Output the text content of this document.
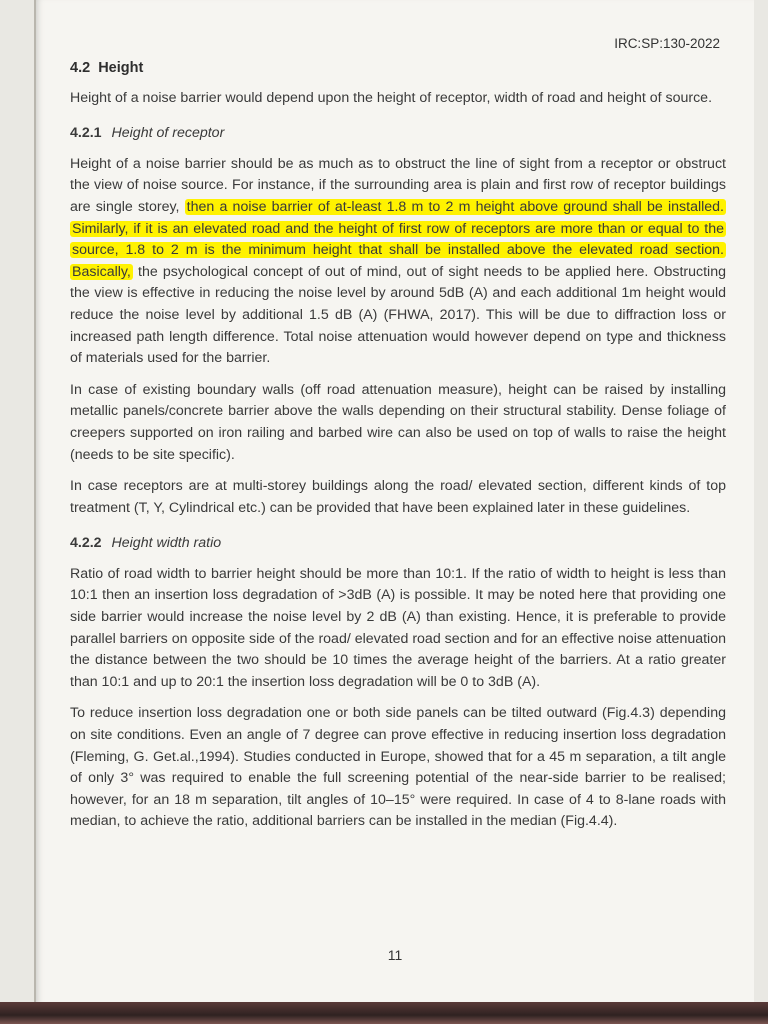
IRC:SP:130-2022
4.2 Height

Height of a noise barrier would depend upon the height of receptor, width of road and height of source.

4.2.1 Height of receptor

Height of a noise barrier should be as much as to obstruct the line of sight from a receptor or obstruct the view of noise source. For instance, if the surrounding area is plain and first row of receptor buildings are single storey, then a noise barrier of at-least 1.8 m to 2 m height above ground shall be installed. Similarly, if it is an elevated road and the height of first row of receptors are more than or equal to the source, 1.8 to 2 m is the minimum height that shall be installed above the elevated road section. Basically, the psychological concept of out of mind, out of sight needs to be applied here. Obstructing the view is effective in reducing the noise level by around 5dB (A) and each additional 1m height would reduce the noise level by additional 1.5 dB (A) (FHWA, 2017). This will be due to diffraction loss or increased path length difference. Total noise attenuation would however depend on type and thickness of materials used for the barrier.

In case of existing boundary walls (off road attenuation measure), height can be raised by installing metallic panels/concrete barrier above the walls depending on their structural stability. Dense foliage of creepers supported on iron railing and barbed wire can also be used on top of walls to raise the height (needs to be site specific).

In case receptors are at multi-storey buildings along the road/ elevated section, different kinds of top treatment (T, Y, Cylindrical etc.) can be provided that have been explained later in these guidelines.

4.2.2 Height width ratio

Ratio of road width to barrier height should be more than 10:1. If the ratio of width to height is less than 10:1 then an insertion loss degradation of >3dB (A) is possible. It may be noted here that providing one side barrier would increase the noise level by 2 dB (A) than existing. Hence, it is preferable to provide parallel barriers on opposite side of the road/ elevated road section and for an effective noise attenuation the distance between the two should be 10 times the average height of the barriers. At a ratio greater than 10:1 and up to 20:1 the insertion loss degradation will be 0 to 3dB (A).

To reduce insertion loss degradation one or both side panels can be tilted outward (Fig.4.3) depending on site conditions. Even an angle of 7 degree can prove effective in reducing insertion loss degradation (Fleming, G. Get.al.,1994). Studies conducted in Europe, showed that for a 45 m separation, a tilt angle of only 3° was required to enable the full screening potential of the near-side barrier to be realised; however, for an 18 m separation, tilt angles of 10–15° were required. In case of 4 to 8-lane roads with median, to achieve the ratio, additional barriers can be installed in the median (Fig.4.4).

11
